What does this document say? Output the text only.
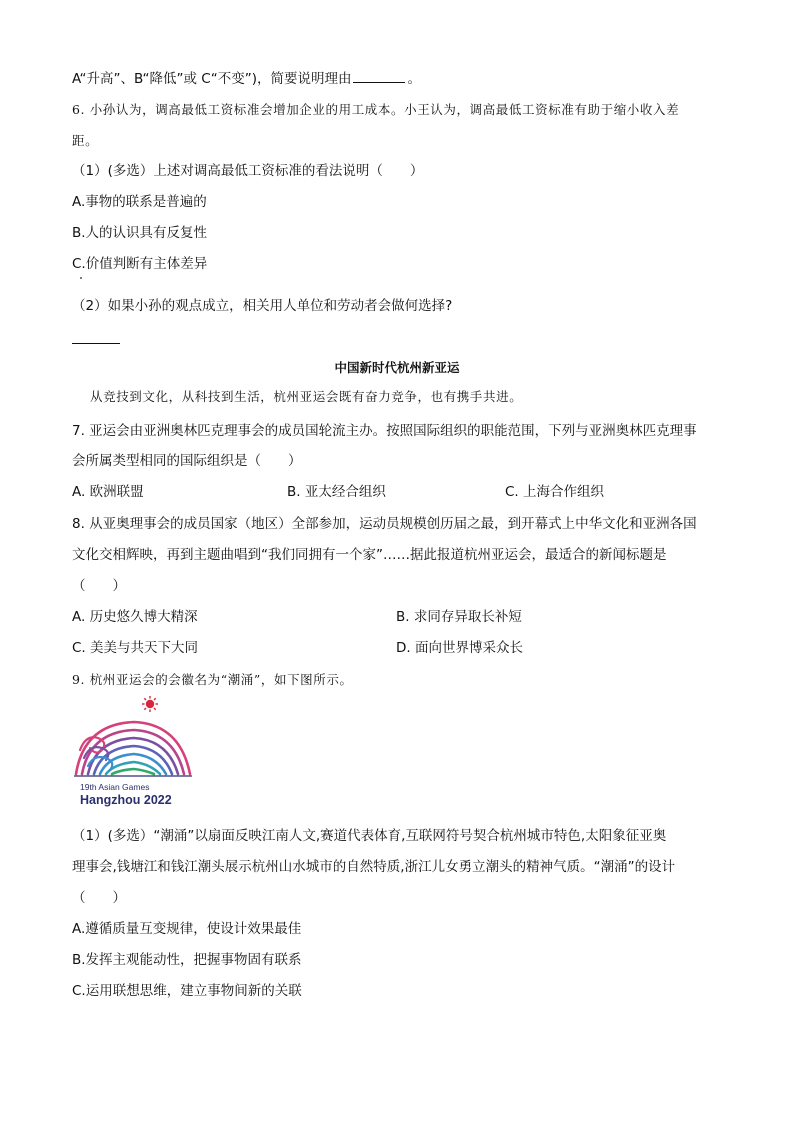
A“升高”、B“降低”或 C“不变”)，简要说明理由	。
6. 小孙认为，调高最低工资标准会增加企业的用工成本。小王认为，调高最低工资标准有助于缩小收入差
距。
（1）(多选）上述对调高最低工资标准的看法说明（　　）
A.事物的联系是普遍的
B.人的认识具有反复性
C.价值判断有主体差异
（2）如果小孙的观点成立，相关用人单位和劳动者会做何选择?
中国新时代杭州新亚运
从竞技到文化，从科技到生活，杭州亚运会既有奋力竞争，也有携手共进。
7. 亚运会由亚洲奥林匹克理事会的成员国轮流主办。按照国际组织的职能范围，下列与亚洲奥林匹克理事
会所属类型相同的国际组织是（　　）
A. 欧洲联盟	B. 亚太经合组织	C. 上海合作组织
8. 从亚奥理事会的成员国家（地区）全部参加，运动员规模创历届之最，到开幕式上中华文化和亚洲各国
文化交相辉映，再到主题曲唱到“我们同拥有一个家”……据此报道杭州亚运会，最适合的新闻标题是
（　　）
A. 历史悠久博大精深	B. 求同存异取长补短
C. 美美与共天下大同	D. 面向世界博采众长
9. 杭州亚运会的会徽名为“潮涌”，如下图所示。
19th Asian Games
Hangzhou 2022
（1）(多选）“潮涌”以扇面反映江南人文,赛道代表体育,互联网符号契合杭州城市特色,太阳象征亚奥
理事会,钱塘江和钱江潮头展示杭州山水城市的自然特质,浙江儿女勇立潮头的精神气质。“潮涌”的设计
（　　）
A.遵循质量互变规律，使设计效果最佳
B.发挥主观能动性，把握事物固有联系
C.运用联想思维，建立事物间新的关联
